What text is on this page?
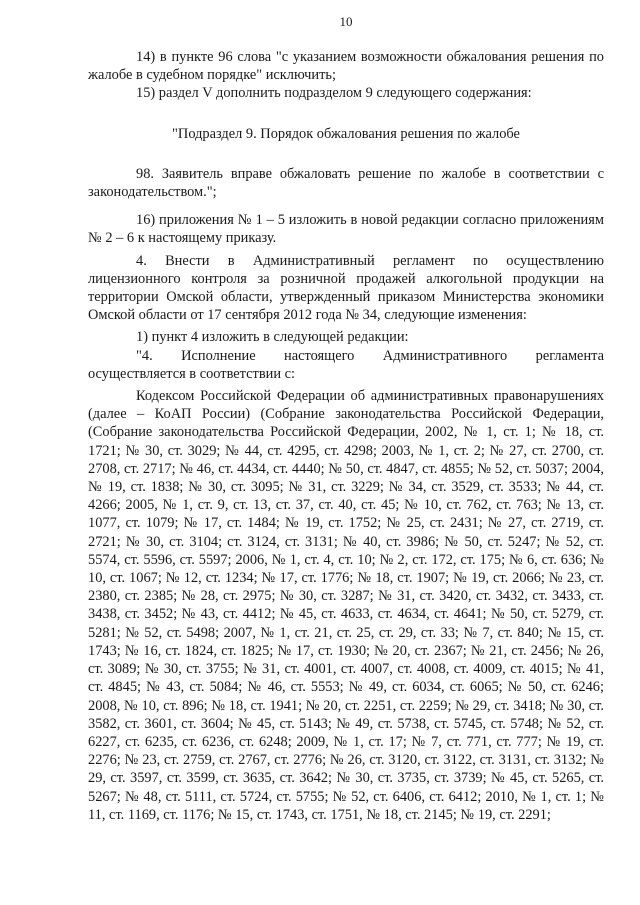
10

14) в пункте 96 слова "с указанием возможности обжалования решения по жалобе в судебном порядке" исключить;

15) раздел V дополнить подразделом 9 следующего содержания:

"Подраздел 9. Порядок обжалования решения по жалобе

98. Заявитель вправе обжаловать решение по жалобе в соответствии с законодательством.";

16) приложения № 1 – 5 изложить в новой редакции согласно приложениям № 2 – 6 к настоящему приказу.

4. Внести в Административный регламент по осуществлению лицензионного контроля за розничной продажей алкогольной продукции на территории Омской области, утвержденный приказом Министерства экономики Омской области от 17 сентября 2012 года № 34, следующие изменения:

1) пункт 4 изложить в следующей редакции:

"4. Исполнение настоящего Административного регламента осуществляется в соответствии с:

Кодексом Российской Федерации об административных правонарушениях (далее – КоАП России) (Собрание законодательства Российской Федерации, (Собрание законодательства Российской Федерации, 2002, № 1, ст. 1; № 18, ст. 1721; № 30, ст. 3029; № 44, ст. 4295, ст. 4298; 2003, № 1, ст. 2; № 27, ст. 2700, ст. 2708, ст. 2717; № 46, ст. 4434, ст. 4440; № 50, ст. 4847, ст. 4855; № 52, ст. 5037; 2004, № 19, ст. 1838; № 30, ст. 3095; № 31, ст. 3229; № 34, ст. 3529, ст. 3533; № 44, ст. 4266; 2005, № 1, ст. 9, ст. 13, ст. 37, ст. 40, ст. 45; № 10, ст. 762, ст. 763; № 13, ст. 1077, ст. 1079; № 17, ст. 1484; № 19, ст. 1752; № 25, ст. 2431; № 27, ст. 2719, ст. 2721; № 30, ст. 3104; ст. 3124, ст. 3131; № 40, ст. 3986; № 50, ст. 5247; № 52, ст. 5574, ст. 5596, ст. 5597; 2006, № 1, ст. 4, ст. 10; № 2, ст. 172, ст. 175; № 6, ст. 636; № 10, ст. 1067; № 12, ст. 1234; № 17, ст. 1776; № 18, ст. 1907; № 19, ст. 2066; № 23, ст. 2380, ст. 2385; № 28, ст. 2975; № 30, ст. 3287; № 31, ст. 3420, ст. 3432, ст. 3433, ст. 3438, ст. 3452; № 43, ст. 4412; № 45, ст. 4633, ст. 4634, ст. 4641; № 50, ст. 5279, ст. 5281; № 52, ст. 5498; 2007, № 1, ст. 21, ст. 25, ст. 29, ст. 33; № 7, ст. 840; № 15, ст. 1743; № 16, ст. 1824, ст. 1825; № 17, ст. 1930; № 20, ст. 2367; № 21, ст. 2456; № 26, ст. 3089; № 30, ст. 3755; № 31, ст. 4001, ст. 4007, ст. 4008, ст. 4009, ст. 4015; № 41, ст. 4845; № 43, ст. 5084; № 46, ст. 5553; № 49, ст. 6034, ст. 6065; № 50, ст. 6246; 2008, № 10, ст. 896; № 18, ст. 1941; № 20, ст. 2251, ст. 2259; № 29, ст. 3418; № 30, ст. 3582, ст. 3601, ст. 3604; № 45, ст. 5143; № 49, ст. 5738, ст. 5745, ст. 5748; № 52, ст. 6227, ст. 6235, ст. 6236, ст. 6248; 2009, № 1, ст. 17; № 7, ст. 771, ст. 777; № 19, ст. 2276; № 23, ст. 2759, ст. 2767, ст. 2776; № 26, ст. 3120, ст. 3122, ст. 3131, ст. 3132; № 29, ст. 3597, ст. 3599, ст. 3635, ст. 3642; № 30, ст. 3735, ст. 3739; № 45, ст. 5265, ст. 5267; № 48, ст. 5111, ст. 5724, ст. 5755; № 52, ст. 6406, ст. 6412; 2010, № 1, ст. 1; № 11, ст. 1169, ст. 1176; № 15, ст. 1743, ст. 1751, № 18, ст. 2145; № 19, ст. 2291;
